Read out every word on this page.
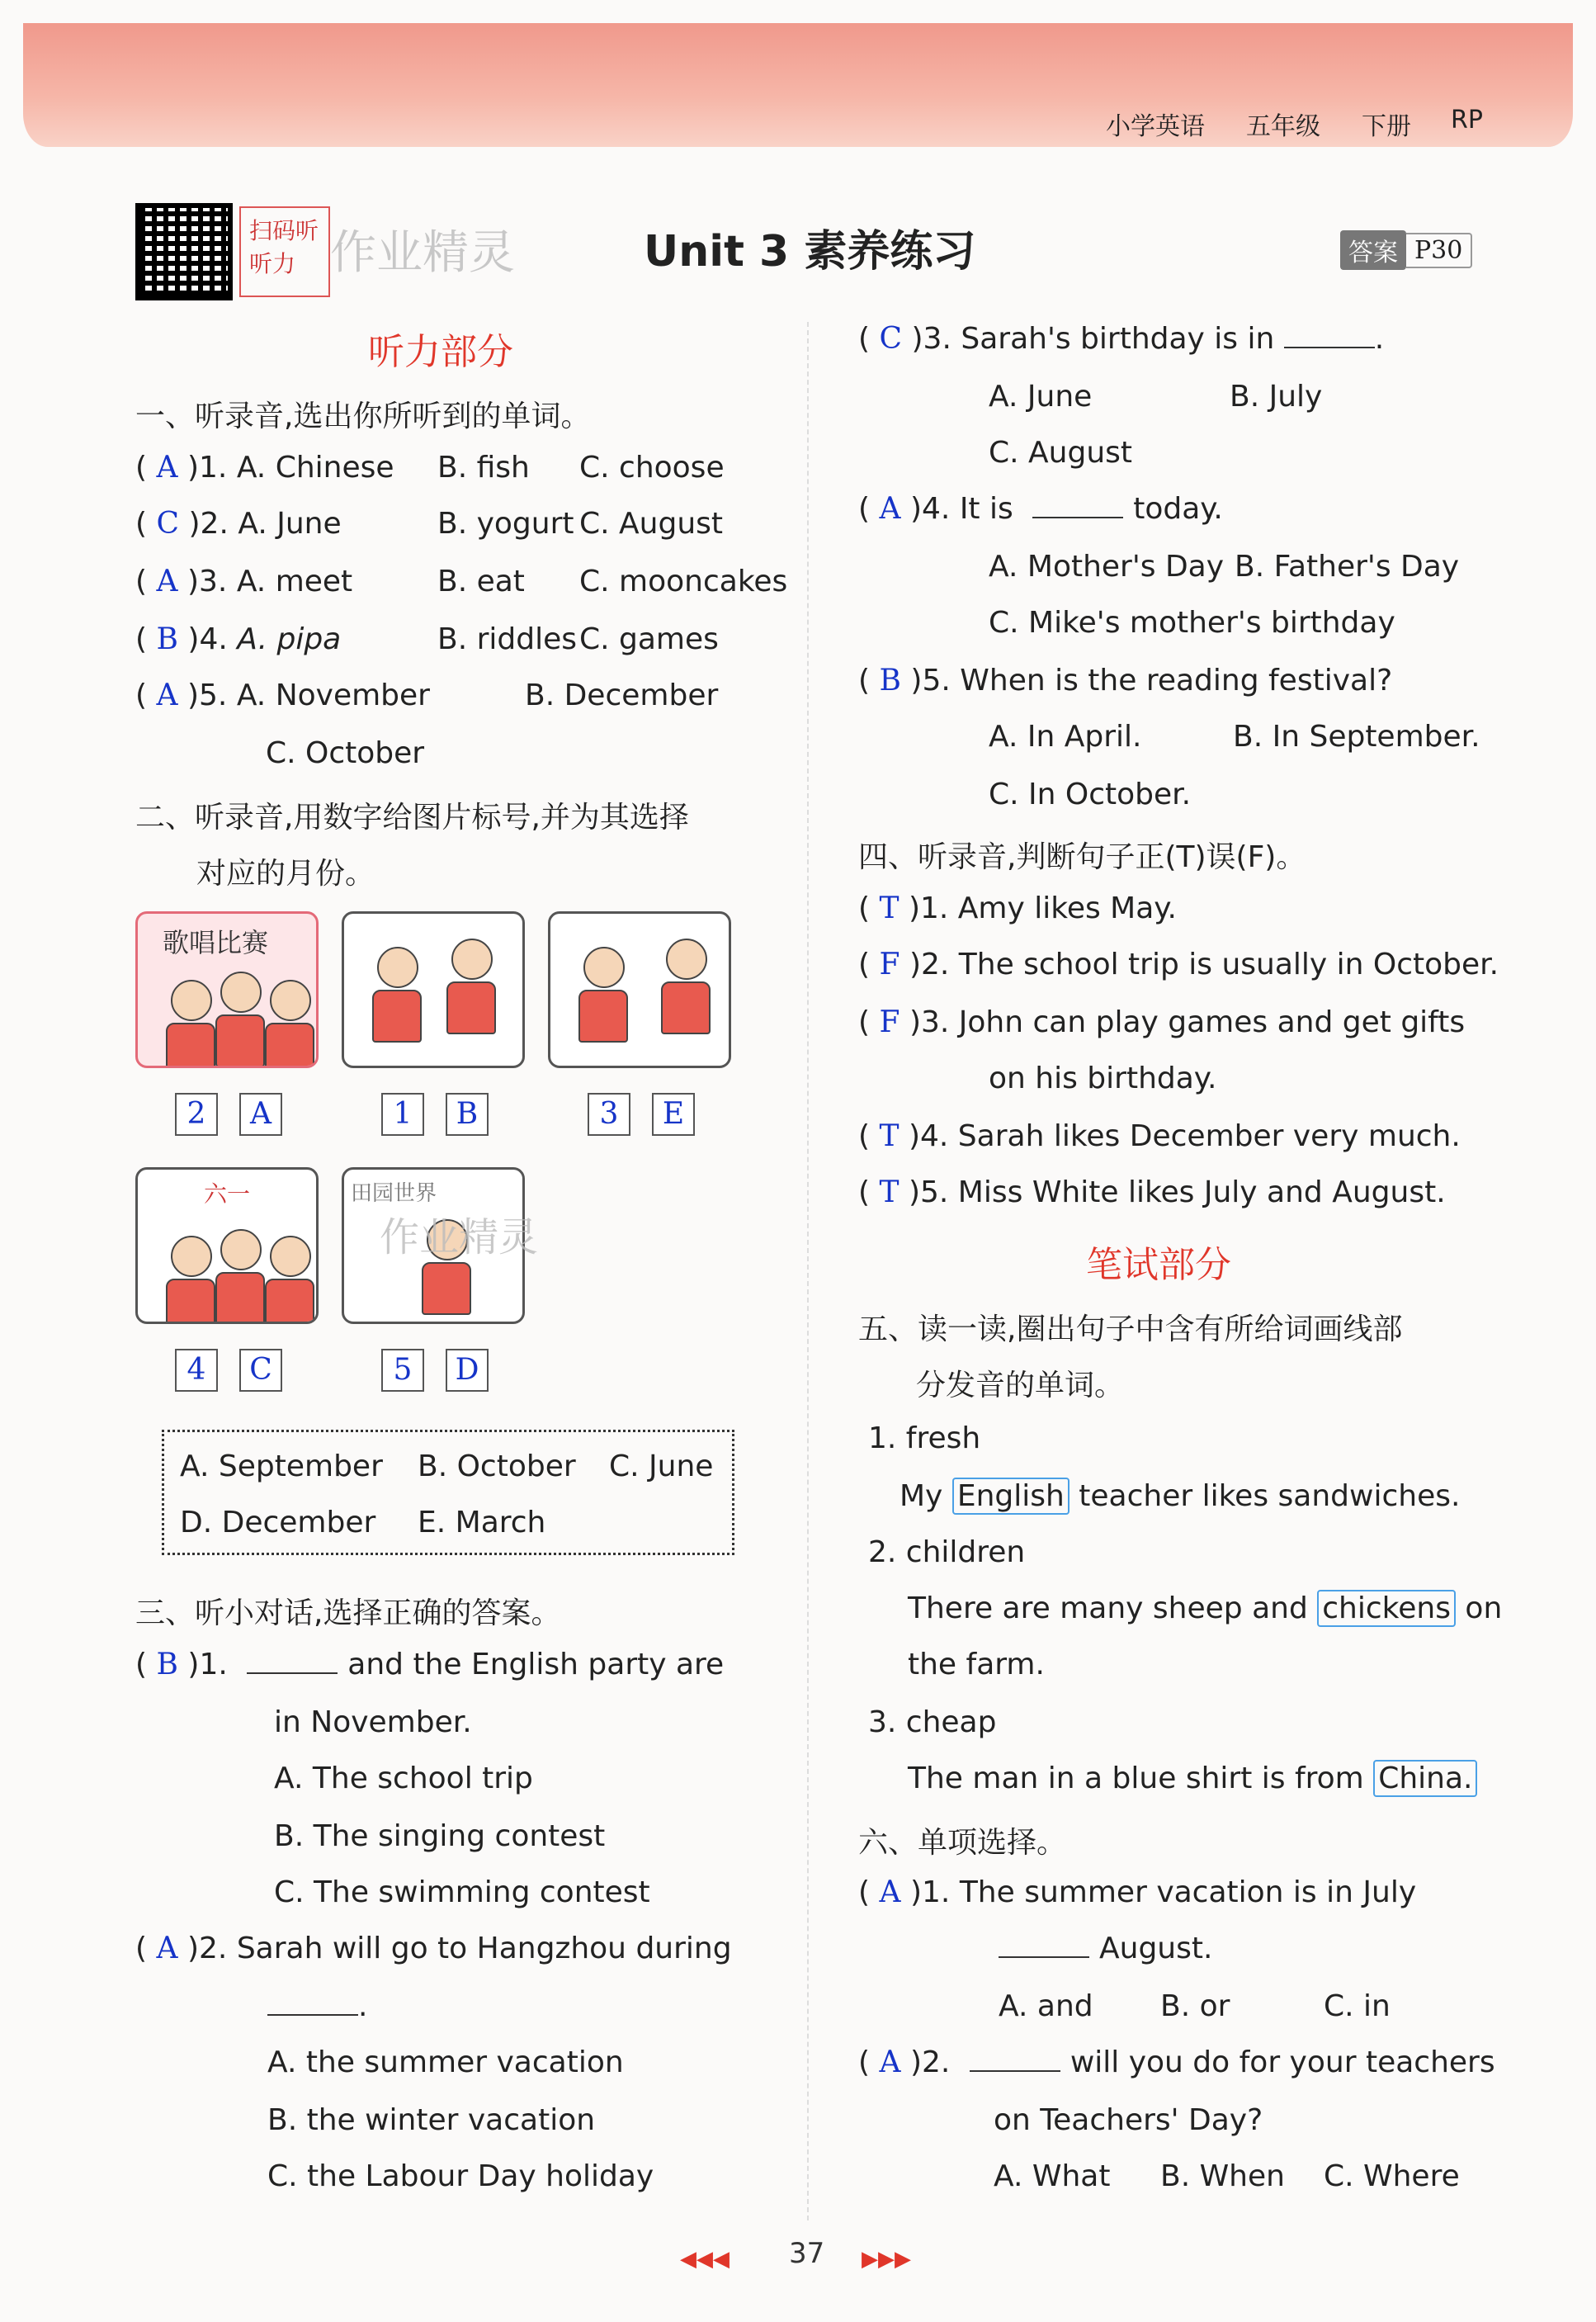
小学英语 五年级 下册 RP
扫码听听力 作业精灵	Unit 3 素养练习	答案 P30
听力部分
一、听录音,选出你所听到的单词。
( A )1. A. Chinese B. fish C. choose
( C )2. A. June	B. yogurt C. August
( A )3. A. meet	B. eat C. mooncakes
( B )4. A. pipa	B. riddles C. games
( A )5. A. November	B. December
C. October
二、听录音,用数字给图片标号,并为其选择
对应的月份。
歌唱比赛
2	A	1	B	3	E
六一	田园世界
作业精灵
4	C	5	D
A. September B. October C. June
D. December E. March
三、听小对话,选择正确的答案。
( B )1.	and the English party are
in November.
A. The school trip
B. The singing contest
C. The swimming contest
( A )2. Sarah will go to Hangzhou during
.
A. the summer vacation
B. the winter vacation
C. the Labour Day holiday
( C )3. Sarah's birthday is in	.
A. June	B. July
C. August
( A )4. It is	today.
A. Mother's Day B. Father's Day
C. Mike's mother's birthday
( B )5. When is the reading festival?
A. In April.	B. In September.
C. In October.
四、听录音,判断句子正(T)误(F)。
( T )1. Amy likes May.
( F )2. The school trip is usually in October.
( F )3. John can play games and get gifts
on his birthday.
( T )4. Sarah likes December very much.
( T )5. Miss White likes July and August.
笔试部分
五、读一读,圈出句子中含有所给词画线部
分发音的单词。
1. fresh
My English teacher likes sandwiches.
2. children
There are many sheep and chickens on
the farm.
3. cheap
The man in a blue shirt is from China.
六、单项选择。
( A )1. The summer vacation is in July
August.
A. and B. or	C. in
( A )2.	will you do for your teachers
on Teachers' Day?
A. What B. When C. Where
◀◀◀ 37 ▶▶▶
